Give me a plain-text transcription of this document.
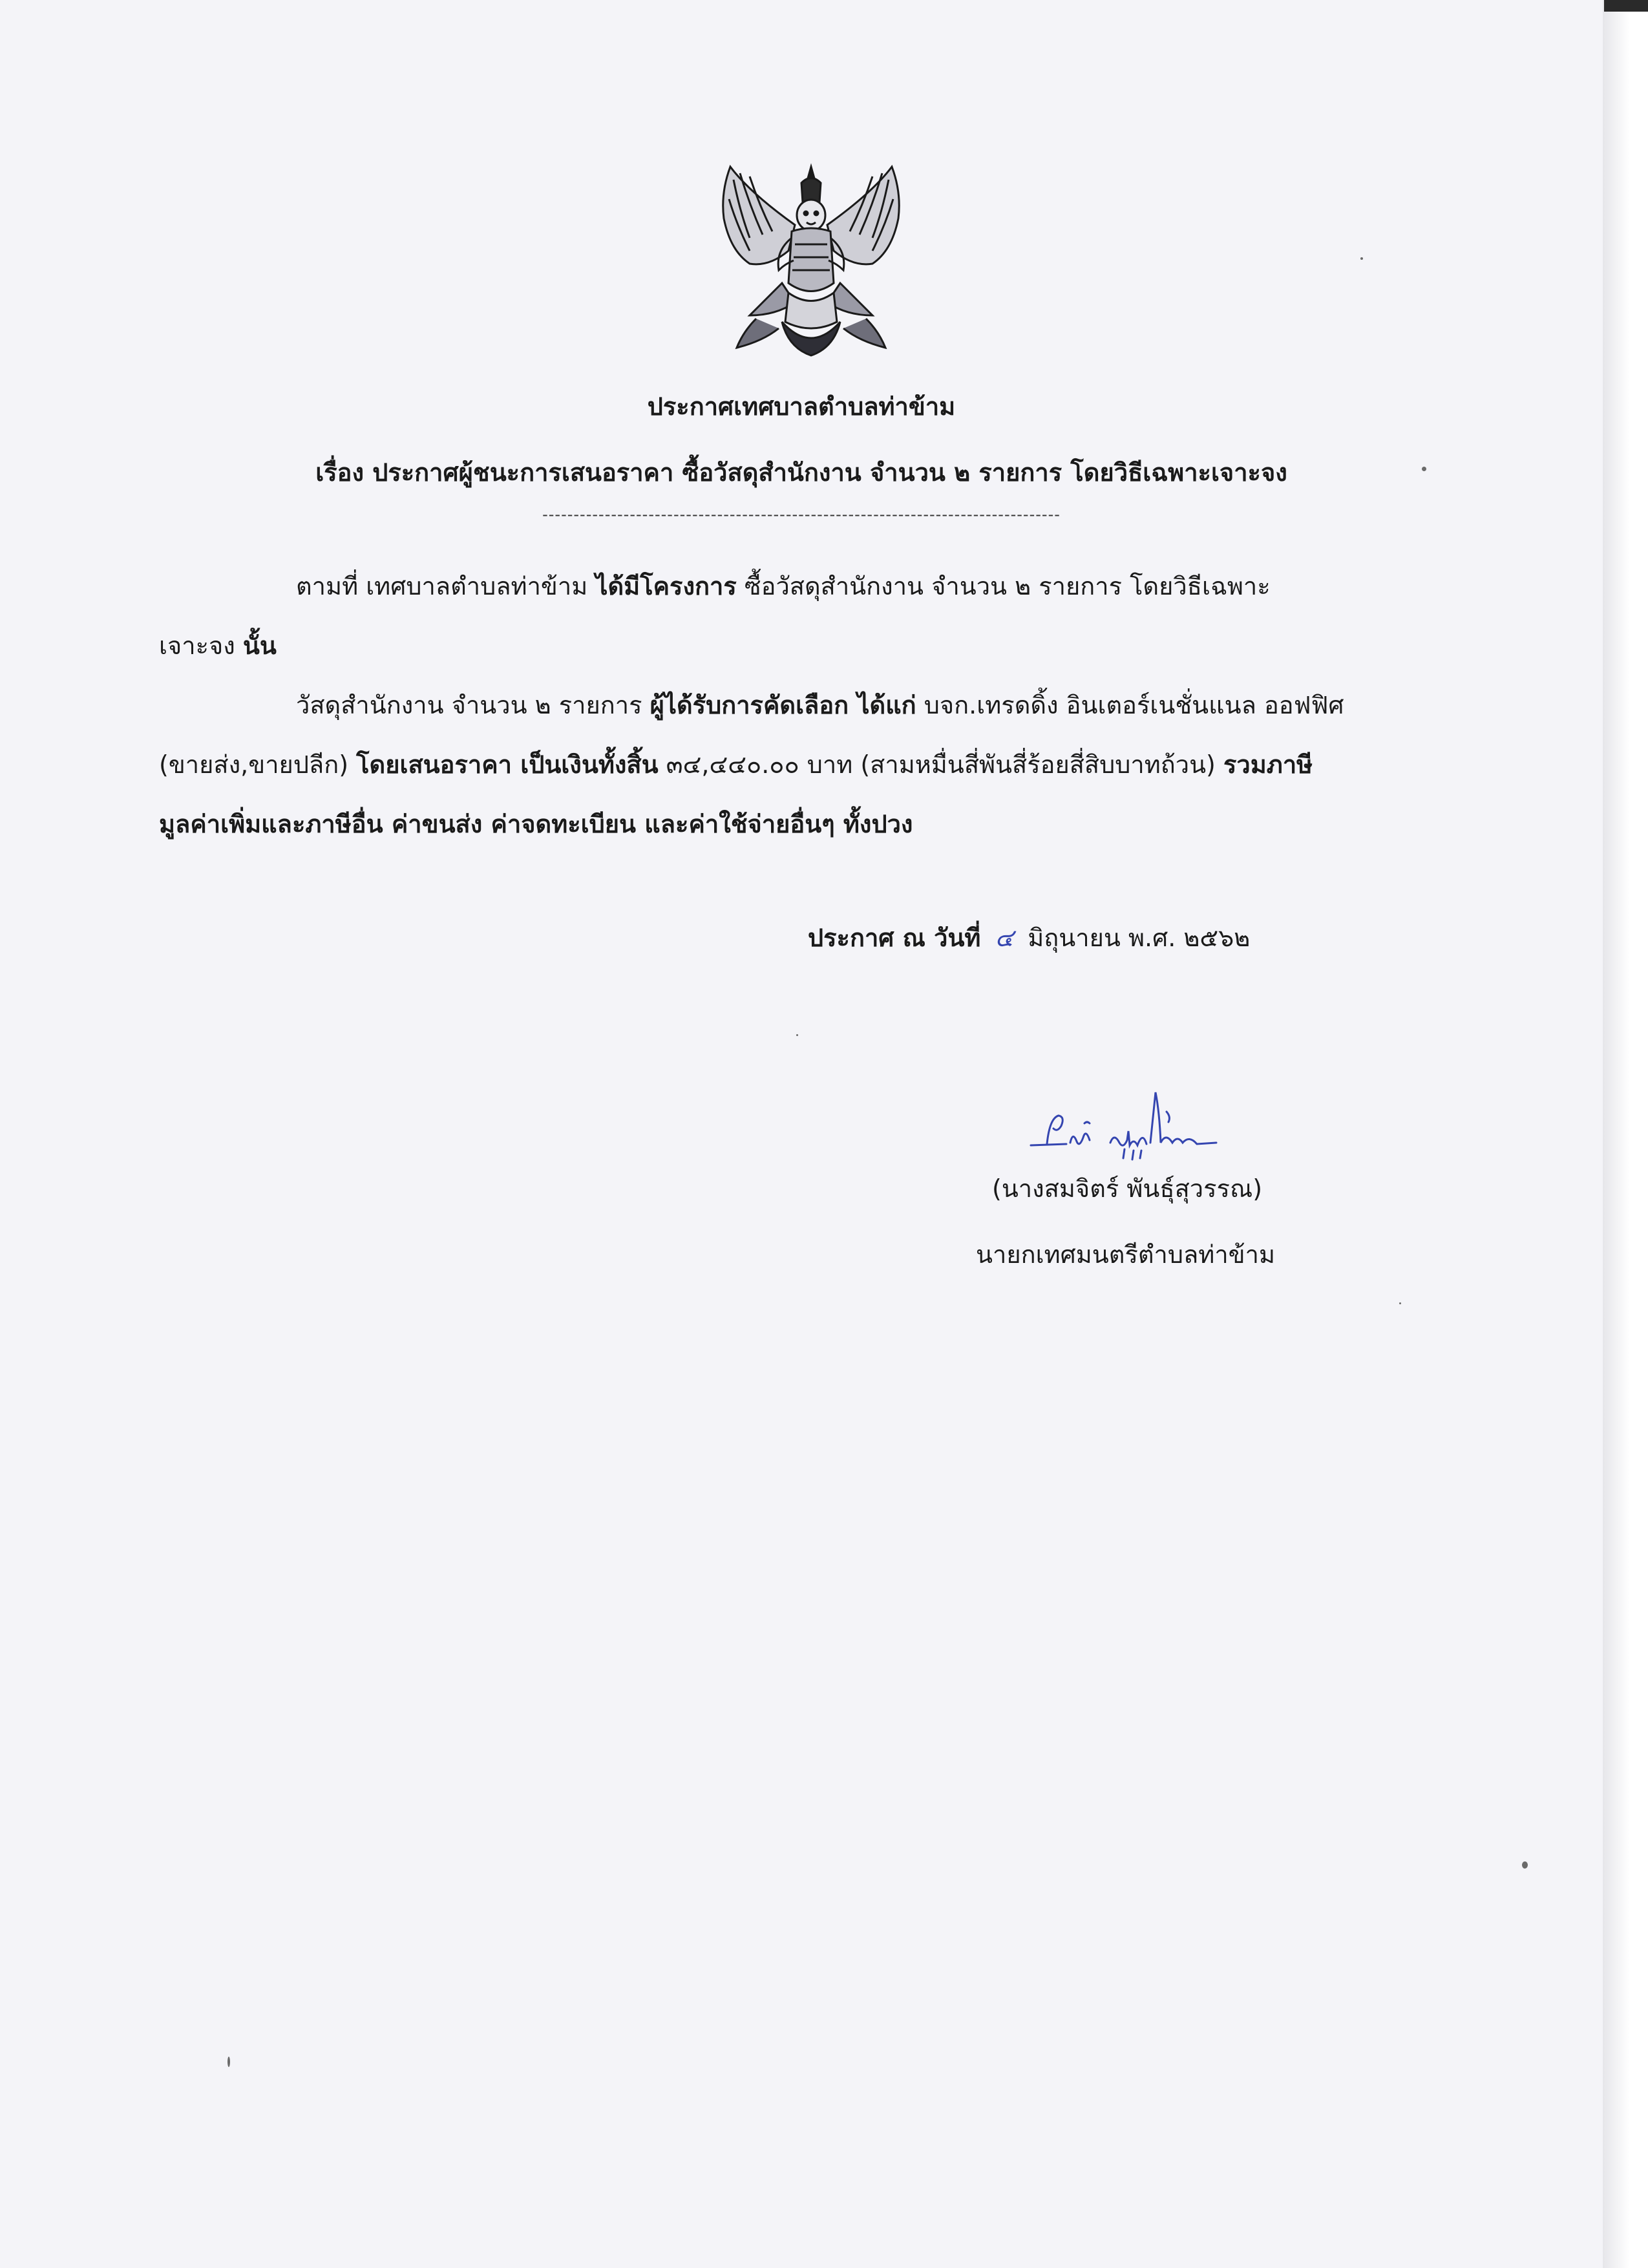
ประกาศเทศบาลตำบลท่าข้าม
เรื่อง ประกาศผู้ชนะการเสนอราคา ซื้อวัสดุสำนักงาน จำนวน ๒ รายการ โดยวิธีเฉพาะเจาะจง
-----------------------------------------------------------------------------------
ตามที่ เทศบาลตำบลท่าข้าม ได้มีโครงการ ซื้อวัสดุสำนักงาน จำนวน ๒ รายการ โดยวิธีเฉพาะ
เจาะจง นั้น
วัสดุสำนักงาน จำนวน ๒ รายการ ผู้ได้รับการคัดเลือก ได้แก่ บจก.เทรดดิ้ง อินเตอร์เนชั่นแนล ออฟฟิศ
(ขายส่ง,ขายปลีก) โดยเสนอราคา เป็นเงินทั้งสิ้น ๓๔,๔๔๐.๐๐ บาท (สามหมื่นสี่พันสี่ร้อยสี่สิบบาทถ้วน) รวมภาษี
มูลค่าเพิ่มและภาษีอื่น ค่าขนส่ง ค่าจดทะเบียน และค่าใช้จ่ายอื่นๆ ทั้งปวง
ประกาศ ณ วันที่ ๔ มิถุนายน พ.ศ. ๒๕๖๒
(นางสมจิตร์ พันธุ์สุวรรณ)
นายกเทศมนตรีตำบลท่าข้าม
